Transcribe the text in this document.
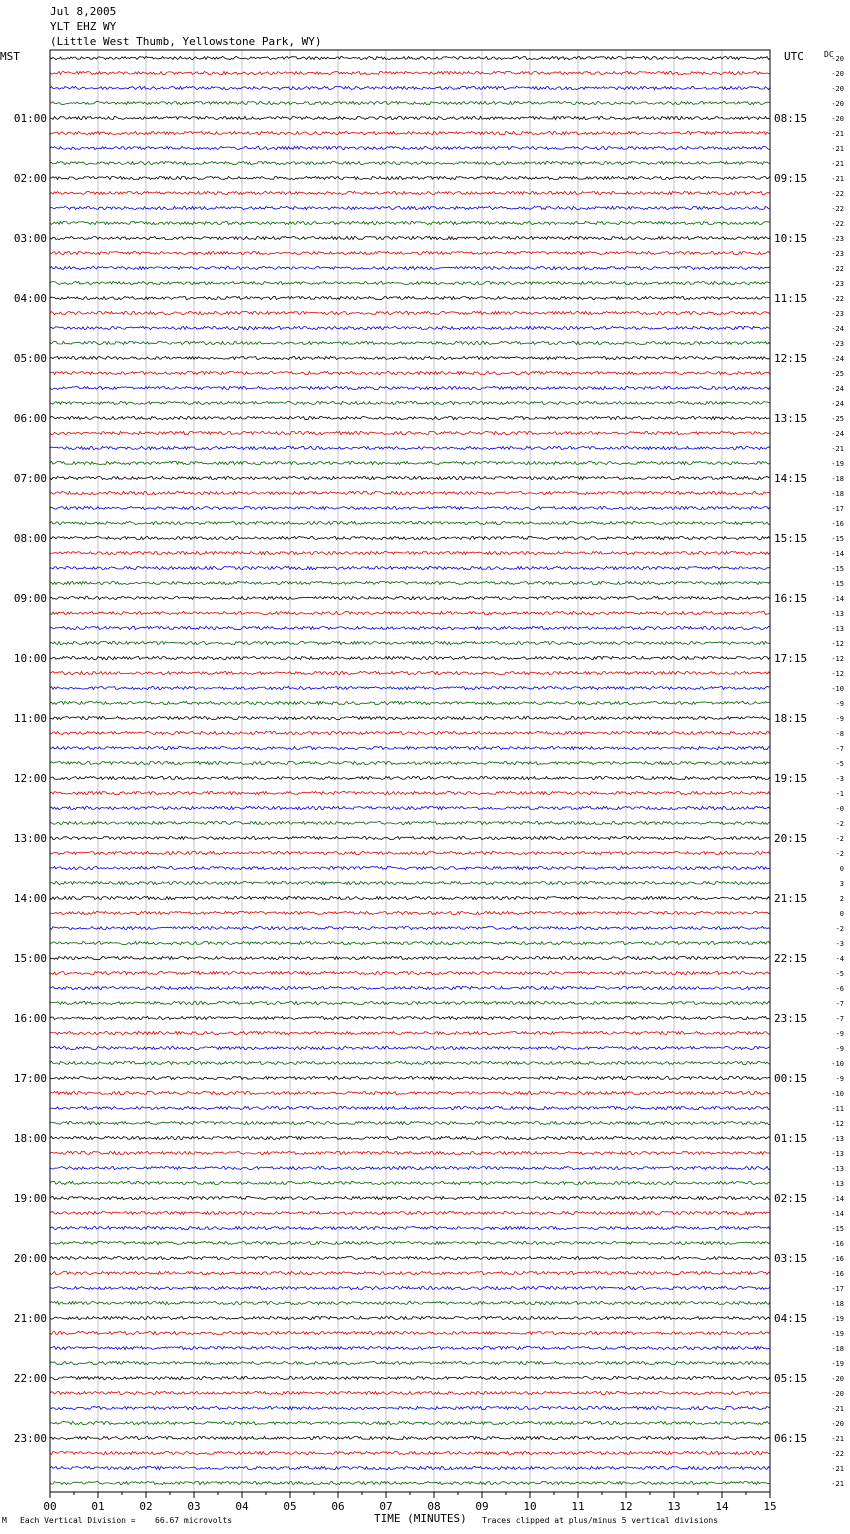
Jul 8,2005
YLT EHZ WY
(Little West Thumb, Yellowstone Park, WY)
MST	UTC	DC
00	01	02	03	04	05	06	07	08	09	10	11	12	13	14	15
-20
-20
-20
-20
-20
-21
-21
-21
-21
-22
-22
-22
-23
-23
-22
-23
-22
-23
-24
-23
-24
-25
-24
-24
-25
-24
-21
-19
-18
-18
-17
-16
-15
-14
-15
-15
-14
-13
-13
-12
-12
-12
-10
-9
-9
-8
-7
-5
-3
-1
-0
-2
-2
-2
0
3
2
0
-2
-3
-4
-5
-6
-7
-7
-9
-9
-10
-9
-10
-11
-12
-13
-13
-13
-13
-14
-14
-15
-16
-16
-16
-17
-18
-19
-19
-18
-19
-20
-20
-21
-20
-21
-22
-21
-21
01:00	08:15
02:00	09:15
03:00	10:15
04:00	11:15
05:00	12:15
06:00	13:15
07:00	14:15
08:00	15:15
09:00	16:15
10:00	17:15
11:00	18:15
12:00	19:15
13:00	20:15
14:00	21:15
15:00	22:15
16:00	23:15
17:00	00:15
18:00	01:15
19:00	02:15
20:00	03:15
21:00	04:15
22:00	05:15
23:00	06:15
M Each Vertical Division = 66.67 microvolts	TIME (MINUTES) Traces clipped at plus/minus 5 vertical divisions
